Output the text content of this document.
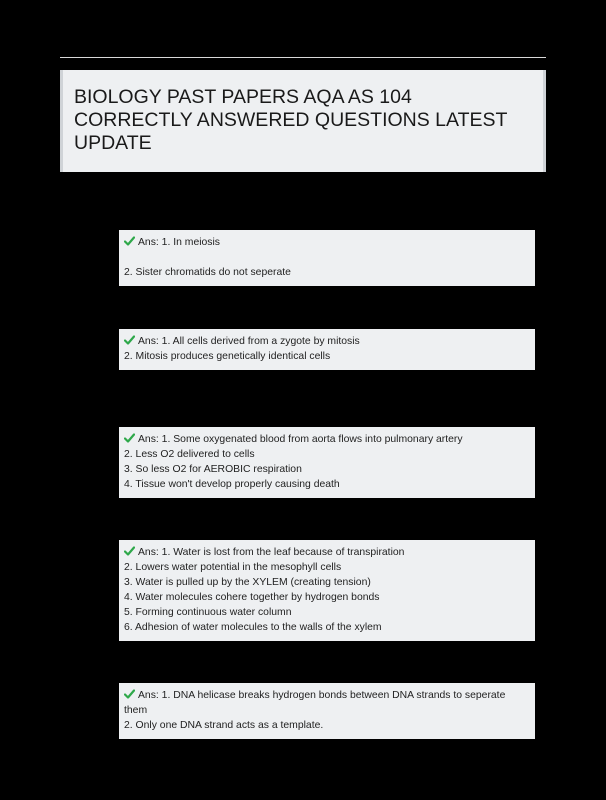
BIOLOGY PAST PAPERS AQA AS 104
CORRECTLY ANSWERED QUESTIONS LATEST
UPDATE

Ans: 1. In meiosis
2. Sister chromatids do not seperate
Ans: 1. All cells derived from a zygote by mitosis
2. Mitosis produces genetically identical cells
Ans: 1. Some oxygenated blood from aorta flows into pulmonary artery
2. Less O2 delivered to cells
3. So less O2 for AEROBIC respiration
4. Tissue won't develop properly causing death
Ans: 1. Water is lost from the leaf because of transpiration
2. Lowers water potential in the mesophyll cells
3. Water is pulled up by the XYLEM (creating tension)
4. Water molecules cohere together by hydrogen bonds
5. Forming continuous water column
6. Adhesion of water molecules to the walls of the xylem
Ans: 1. DNA helicase breaks hydrogen bonds between DNA strands to seperate
them
2. Only one DNA strand acts as a template.
